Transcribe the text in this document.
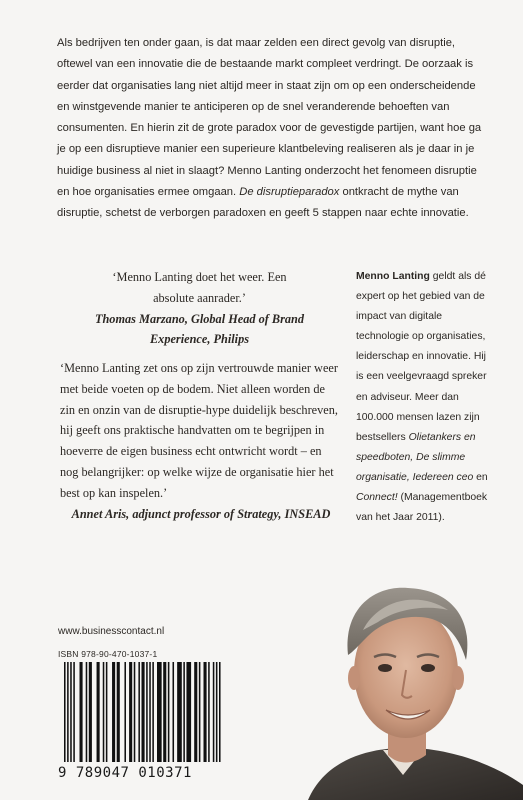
Als bedrijven ten onder gaan, is dat maar zelden een direct gevolg van disruptie, oftewel van een innovatie die de bestaande markt compleet verdringt. De oorzaak is eerder dat organisaties lang niet altijd meer in staat zijn om op een onderscheidende en winstgevende manier te anticiperen op de snel veranderende behoeften van consumenten. En hierin zit de grote paradox voor de gevestigde partijen, want hoe ga je op een disruptieve manier een superieure klantbeleving realiseren als je daar in je huidige business al niet in slaagt? Menno Lanting onderzocht het fenomeen disruptie en hoe organisaties ermee omgaan. De disruptieparadox ontkracht de mythe van disruptie, schetst de verborgen paradoxen en geeft 5 stappen naar echte innovatie.

‘Menno Lanting doet het weer. Een absolute aanrader.’
Thomas Marzano, Global Head of Brand Experience, Philips
‘Menno Lanting zet ons op zijn vertrouwde manier weer met beide voeten op de bodem. Niet alleen worden de zin en onzin van de disruptie-hype duidelijk beschreven, hij geeft ons praktische handvatten om te begrijpen in hoeverre de eigen business echt ontwricht wordt – en nog belangrijker: op welke wijze de organisatie hier het best op kan inspelen.’
Annet Aris, adjunct professor of Strategy, INSEAD
Menno Lanting geldt als dé expert op het gebied van de impact van digitale technologie op organisaties, leiderschap en innovatie. Hij is een veelgevraagd spreker en adviseur. Meer dan 100.000 mensen lazen zijn bestsellers Olietankers en speedboten, De slimme organisatie, Iedereen ceo en Connect! (Managementboek van het Jaar 2011).
www.businesscontact.nl
ISBN 978-90-470-1037-1
9 789047 010371
